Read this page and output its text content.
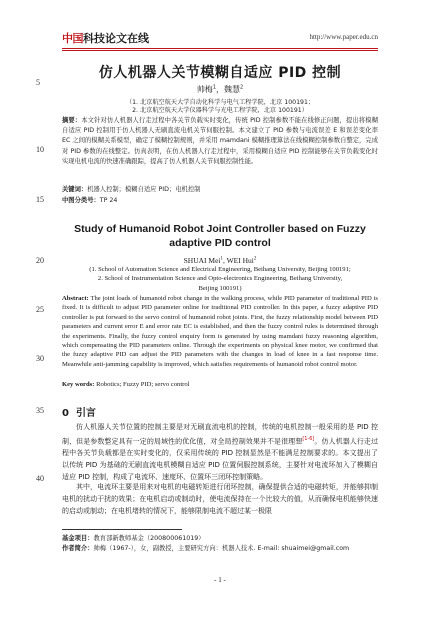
中国 科技论文在线	http://www.paper.edu.cn
5
10
15
20
25
30
35
40
仿人机器人关节模糊自适应 PID 控制
帅梅$^1$，魏慧$^2$
（1. 北京航空航天大学自动化科学与电气工程学院，北京 100191；
2. 北京航空航天大学仪器科学与光电工程学院，北京 100191）
摘要：本文针对仿人机器人行走过程中各关节负载实时变化，传统 PID 控制参数不能在线修正问题，提出将模糊自适应 PID 控制用于仿人机器人无刷直流电机关节伺服控制。本文建立了 PID 参数与电流误差 E 和误差变化率 EC 之间的模糊关系模型，确定了模糊控制规则，并采用 mamdani 模糊推理算法在线模糊控制参数自整定，完成对 PID 参数的在线整定。仿真表明，在仿人机器人行走过程中，采用模糊自适应 PID 控制能够在关节负载变化时实现电机电流的快速准确跟踪，提高了仿人机器人关节伺服控制性能。
关键词：机器人控制；模糊自适应 PID；电机控制
中图分类号：TP 24
Study of Humanoid Robot Joint Controller based on Fuzzy
adaptive PID control
SHUAI Mei$^1$, WEI Hui$^2$
(1. School of Automation Science and Electrical Engineering, Beihang University, Beijing 100191;
2. School of Instrumentation Science and Opto-electronics Engineering, Beihang University,
Beijing 100191)
Abstract: The joint loads of humanoid robot change in the walking process, while PID parameter of traditional PID is fixed. It is difficult to adjust PID parameter online for traditional PID controller. In this paper, a fuzzy adaptive PID controller is put forward to the servo control of humanoid robot joints. First, the fuzzy relationship model between PID parameters and current error E and error rate EC is established, and then the fuzzy control rules is determined through the experiments. Finally, the fuzzy control enquiry form is generated by using mamdani fuzzy reasoning algorithm, which compensating the PID parameters online. Through the experiments on physical knee motor, we confirmed that the fuzzy adaptive PID can adjust the PID parameters with the changes in load of knee in a fast response time. Meanwhile anti-jamming capability is improved, which satisfies requirements of humanoid robot control motor.
Key words: Robotics; Fuzzy PID; servo control
0 引言
仿人机器人关节位置的控制主要是对无刷直流电机的控制，传统的电机控制一般采用的是 PID 控制，但是参数整定具有一定的局域性的优化值，对全局控制效果并不是很理想[1-6]。仿人机器人行走过程中各关节负载都是在实时变化的，仅采用传统的 PID 控制显然是不能满足控制要求的。本文提出了以传统 PID 为基础的无刷直流电机模糊自适应 PID 位置伺服控制系统，主要针对电流环加入了模糊自适应 PID 控制，构成了电流环、速度环、位置环三闭环控制策略。
其中，电流环主要是用来对电机的电磁转矩进行闭环控制，确保提供合适的电磁转矩，并能够抑制电机的扰动干扰的效果；在电机启动或制动时，使电流保持在一个比较大的值，从而确保电机能够快速的启动或制动；在电机堵转的情况下，能够限制电流不超过某一极限
基金项目：教育部新教师基金（20080006101​9）
作者简介：帅梅（1967-），女，副教授，主要研究方向：机器人技术. E-mail: shuaimei@gmail.com
- 1 -
